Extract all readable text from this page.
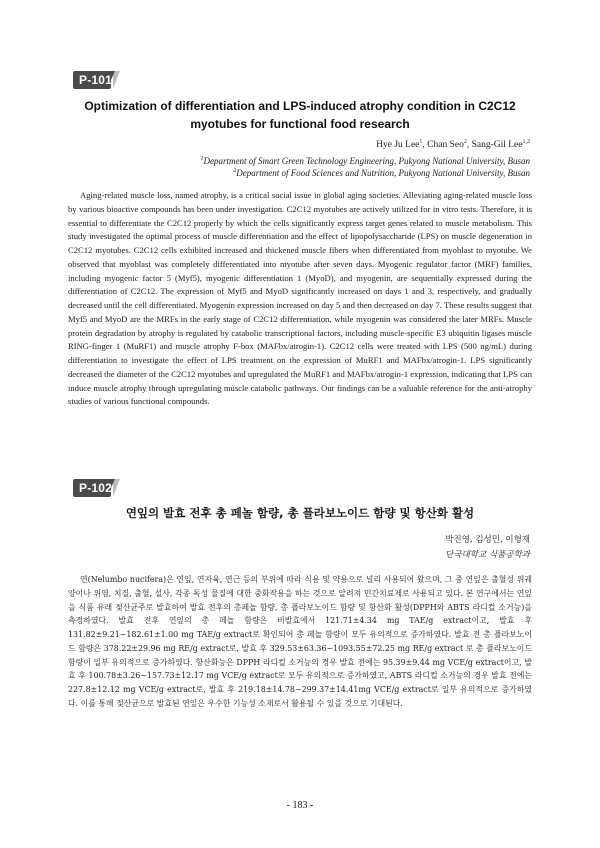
P-101
Optimization of differentiation and LPS-induced atrophy condition in C2C12
myotubes for functional food research
Hye Ju Lee$^1$, Chan Seo$^2$, Sang-Gil Lee$^{1,2}$
$^1$Department of Smart Green Technology Engineering, Pukyong National University, Busan
$^2$Department of Food Sciences and Nutrition, Pukyong National University, Busan

Aging-related muscle loss, named atrophy, is a critical social issue in global aging societies. Alleviating aging-related muscle loss by various bioactive compounds has been under investigation. C2C12 myotubes are actively utilized for in vitro tests. Therefore, it is essential to differentiate the C2C12 properly by which the cells significantly express target genes related to muscle metabolism. This study investigated the optimal process of muscle differentiation and the effect of lipopolysaccharide (LPS) on muscle degeneration in C2C12 myotubes. C2C12 cells exhibited increased and thickened muscle fibers when differentiated from myoblast to myotube. We observed that myoblast was completely differentiated into myotube after seven days. Myogenic regulator factor (MRF) families, including myogenic factor 5 (Myf5), myogenic differentiation 1 (MyoD), and myogenin, are sequentially expressed during the differentiation of C2C12. The expression of Myf5 and MyoD significantly increased on days 1 and 3, respectively, and gradually decreased until the cell differentiated. Myogenin expression increased on day 5 and then decreased on day 7. These results suggest that Myf5 and MyoD are the MRFs in the early stage of C2C12 differentiation, while myogenin was considered the later MRFs. Muscle protein degradation by atrophy is regulated by catabolic transcriptional factors, including muscle-specific E3 ubiquitin ligases muscle RING-finger 1 (MuRF1) and muscle atrophy F-box (MAFbx/atrogin-1). C2C12 cells were treated with LPS (500 ng/mL) during differentiation to investigate the effect of LPS treatment on the expression of MuRF1 and MAFbx/atrogin-1. LPS significantly decreased the diameter of the C2C12 myotubes and upregulated the MuRF1 and MAFbx/atrogin-1 expression, indicating that LPS can induce muscle atrophy through upregulating muscle catabolic pathways. Our findings can be a valuable reference for the anti-atrophy studies of various functional compounds.

P-102
연잎의 발효 전후 총 페놀 함량, 총 플라보노이드 함량 및 항산화 활성
박진영, 김성민, 이형재
단국대학교 식품공학과

연(Nelumbo nucifera)은 연잎, 연자육, 연근 등의 부위에 따라 식용 및 약용으로 널리 사용되어 왔으며, 그 중 연잎은 출혈성 위궤양이나 위염, 치질, 출혈, 설사, 각종 독성 물질에 대한 중화작용을 하는 것으로 알려져 민간치료제로 사용되고 있다. 본 연구에서는 연잎을 식품 유래 젖산균주로 발효하여 발효 전후의 총페놀 함량, 총 플라보노이드 함량 및 항산화 활성(DPPH와 ABTS 라디컬 소거능)을 측정하였다. 발효 전후 연잎의 총 페놀 함량은 비발효에서 121.71±4.34 mg TAE/g extract이고, 발효 후 131.82±9.21~182.61±1.00 mg TAE/g extract로 확인되어 총 페놀 함량이 모두 유의적으로 증가하였다. 발효 전 총 플라보노이드 함량은 378.22±29.96 mg RE/g extract로, 발효 후 329.53±63.36~1093.55±72.25 mg RE/g extract 로 총 플라보노이드 함량이 일부 유의적으로 증가하였다. 항산화능은 DPPH 라디컬 소거능의 경우 발효 전에는 95.39±9.44 mg VCE/g extract이고, 발효 후 100.78±3.26~157.73±12.17 mg VCE/g extract로 모두 유의적으로 증가하였고, ABTS 라디컬 소거능의 경우 발효 전에는 227.8±12.12 mg VCE/g extract로, 발효 후 219.18±14.78~299.37±14.41mg VCE/g extract로 일부 유의적으로 증가하였다. 이를 통해 젖산균으로 발효된 연잎은 우수한 기능성 소재로서 활용될 수 있을 것으로 기대된다.

- 183 -
